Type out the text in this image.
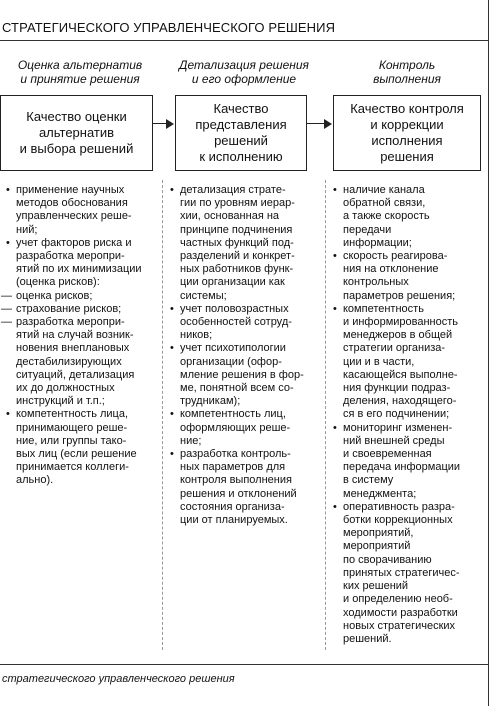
СТРАТЕГИЧЕСКОГО УПРАВЛЕНЧЕСКОГО РЕШЕНИЯ
Оценка альтернатив
и принятие решения
Детализация решения
и его оформление
Контроль
выполнения
Качество оценки
альтернатив
и выбора решений
Качество
представления
решений
к исполнению
Качество контроля
и коррекции
исполнения
решения
• применение научных
методов обоснования
управленческих реше-
ний;
• учет факторов риска и
разработка меропри-
ятий по их минимизации
(оценка рисков):
— оценка рисков;
— страхование рисков;
— разработка меропри-
ятий на случай возник-
новения внеплановых
дестабилизирующих
ситуаций, детализация
их до должностных
инструкций и т.п.;
• компетентность лица,
принимающего реше-
ние, или группы тако-
вых лиц (если решение
принимается коллеги-
ально).
• детализация страте-
гии по уровням иерар-
хии, основанная на
принципе подчинения
частных функций под-
разделений и конкрет-
ных работников функ-
ции организации как
системы;
• учет половозрастных
особенностей сотруд-
ников;
• учет психотипологии
организации (офор-
мление решения в фор-
ме, понятной всем со-
трудникам);
• компетентность лиц,
оформляющих реше-
ние;
• разработка контроль-
ных параметров для
контроля выполнения
решения и отклонений
состояния организа-
ции от планируемых.
• наличие канала
обратной связи,
а также скорость
передачи
информации;
• скорость реагирова-
ния на отклонение
контрольных
параметров решения;
• компетентность
и информированность
менеджеров в общей
стратегии организа-
ции и в части,
касающейся выполне-
ния функции подраз-
деления, находящего-
ся в его подчинении;
• мониторинг изменен-
ний внешней среды
и своевременная
передача информации
в систему
менеджмента;
• оперативность разра-
ботки коррекционных
мероприятий,
мероприятий
по сворачиванию
принятых стратегичес-
ких решений
и определению необ-
ходимости разработки
новых стратегических
решений.
стратегического управленческого решения
